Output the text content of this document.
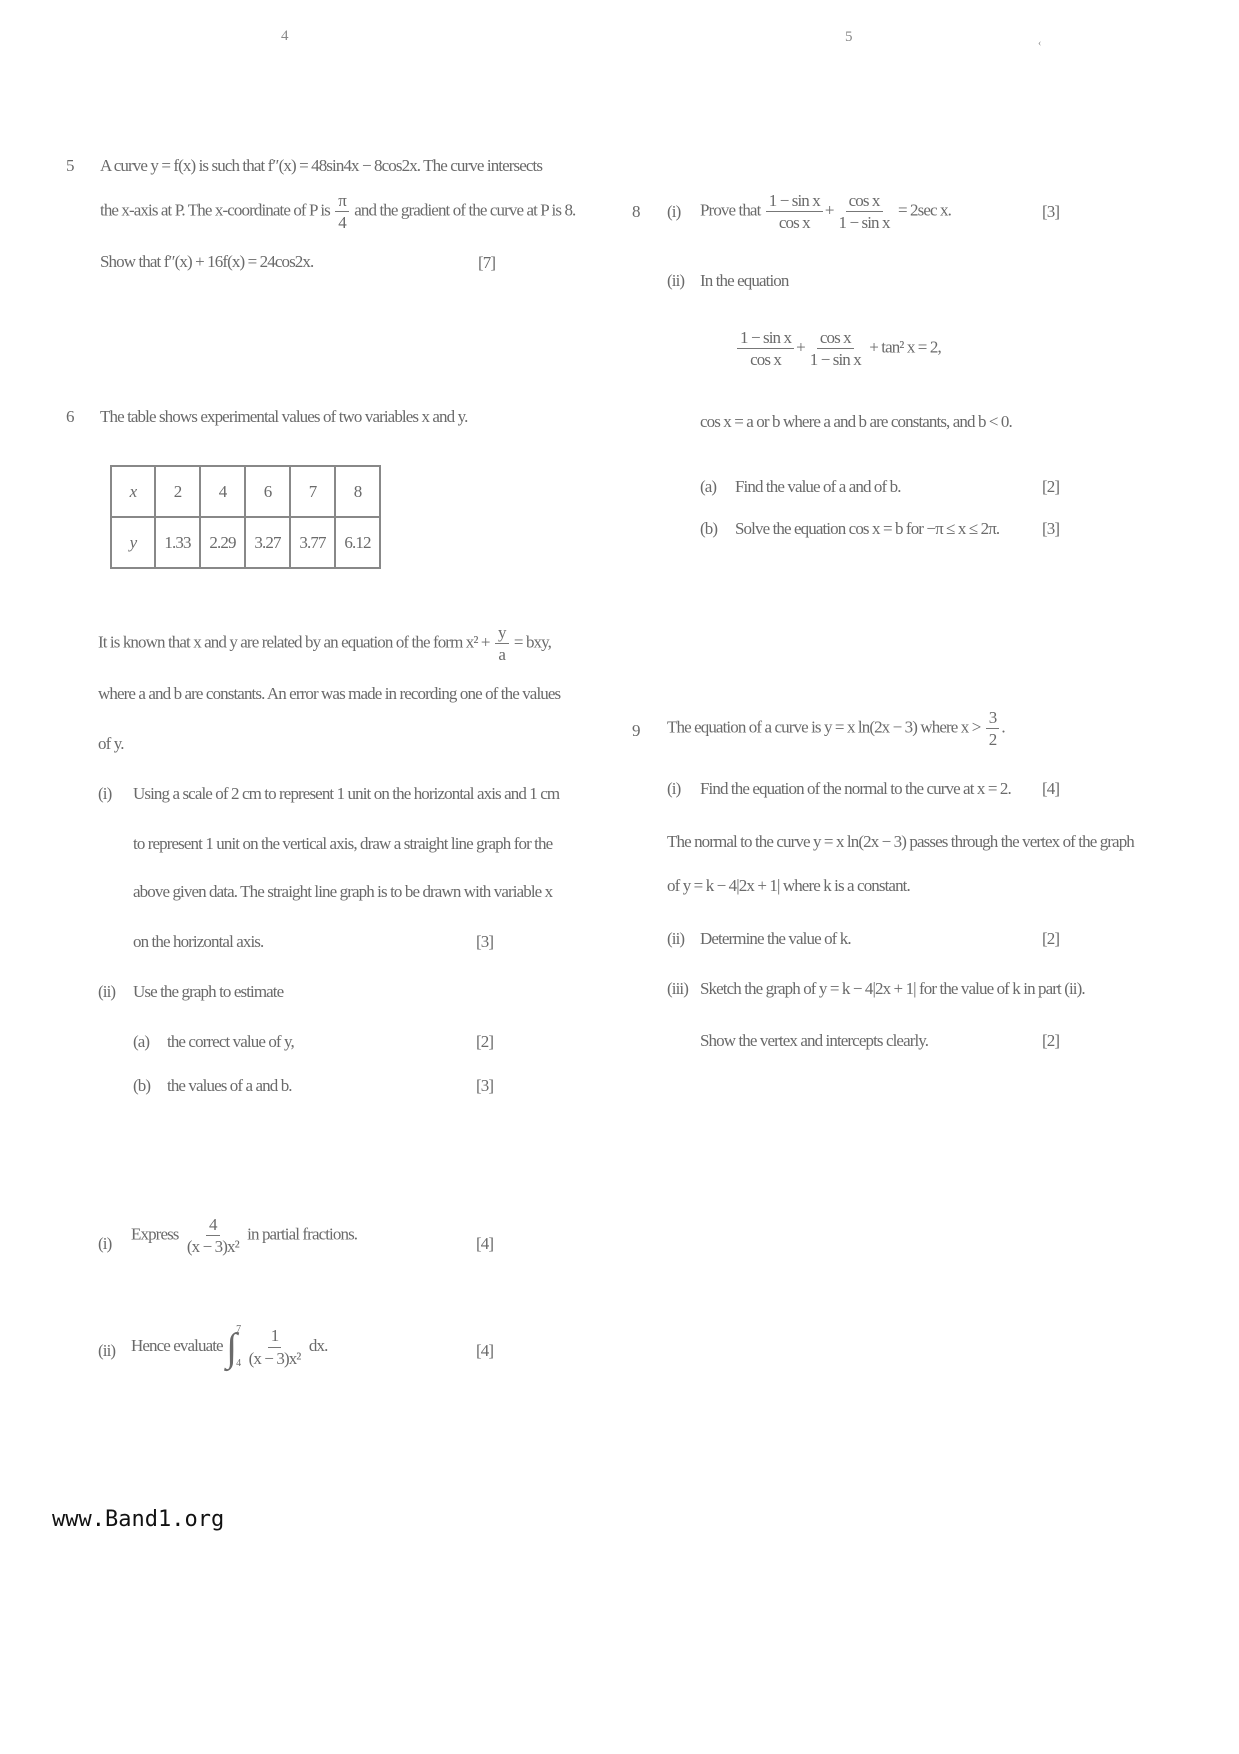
4	5	‹
5 A curve y = f(x) is such that f″(x) = 48sin4x − 8cos2x. The curve intersects
the x-axis at P. The x-coordinate of P is $\frac{\pi}{4}$ and the gradient of the curve at P is 8.
Show that f″(x) + 16f(x) = 24cos2x.	[7]
6 The table shows experimental values of two variables x and y.
x	2	4	6	7	8
y	1.33	2.29	3.27	3.77	6.12
It is known that x and y are related by an equation of the form $x^2 + \frac{y}{a}$ = bxy,
where a and b are constants. An error was made in recording one of the values
of y.
(i) Using a scale of 2 cm to represent 1 unit on the horizontal axis and 1 cm
to represent 1 unit on the vertical axis, draw a straight line graph for the
above given data. The straight line graph is to be drawn with variable x
on the horizontal axis.	[3]
(ii) Use the graph to estimate
(a) the correct value of y,	[2]
(b) the values of a and b.	[3]
(i) Express $\frac{4}{\text{(x − 3)x²}}$ in partial fractions.	[4]
(ii) Hence evaluate ∫ 7
4
$\frac{1}{\text{(x − 3)x²}}$ dx.	[4]
8 (i) Prove that $\frac{\text{1 − sin x}}{\text{cos x}} + \frac{\text{cos x}}{\text{1 − sin x}} = 2\sec$ x.	[3]
(ii) In the equation
$\frac{\text{1 − sin x}}{\text{cos x}} + \frac{\text{cos x}}{\text{1 − sin x}} + \tan^2$ x = 2,
cos x = a or b where a and b are constants, and b < 0.
(a) Find the value of a and of b.	[2]
(b) Solve the equation cos x = b for −π ≤ x ≤ 2π.	[3]
9 The equation of a curve is y = x ln(2x − 3) where $x > \frac{3}{2}$ .
(i) Find the equation of the normal to the curve at x = 2. [4]
The normal to the curve y = x ln(2x − 3) passes through the vertex of the graph
of y = k − 4|2x + 1| where k is a constant.
(ii) Determine the value of k.	[2]
(iii) Sketch the graph of y = k − 4|2x + 1| for the value of k in part (ii).
Show the vertex and intercepts clearly.	[2]
www.Band1.org
